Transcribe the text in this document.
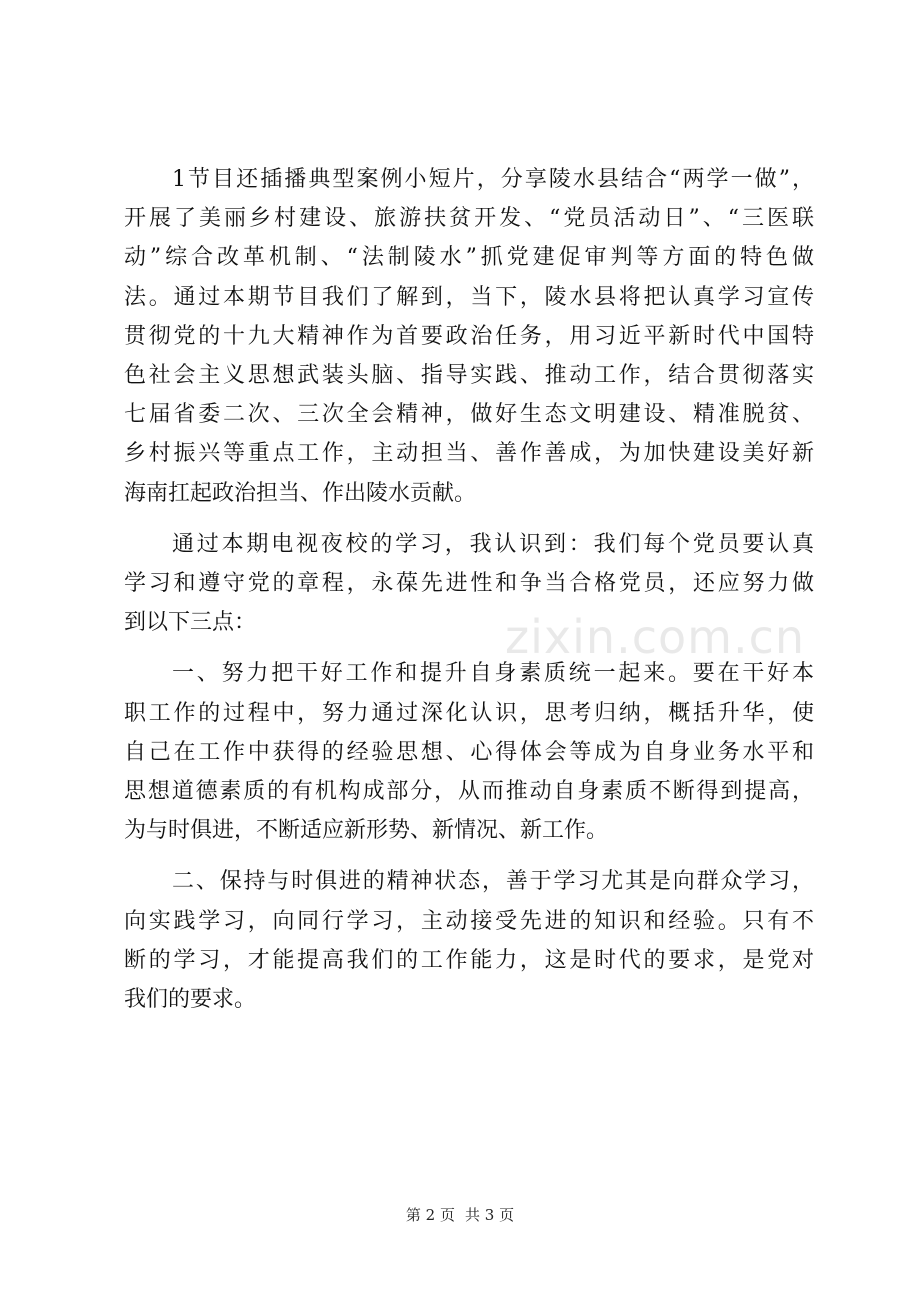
1节目还插播典型案例小短片，分享陵水县结合“两学一做”，
开展了美丽乡村建设、旅游扶贫开发、“党员活动日”、“三医联
动”综合改革机制、“法制陵水”抓党建促审判等方面的特色做
法。通过本期节目我们了解到，当下，陵水县将把认真学习宣传
贯彻党的十九大精神作为首要政治任务，用习近平新时代中国特
色社会主义思想武装头脑、指导实践、推动工作，结合贯彻落实
七届省委二次、三次全会精神，做好生态文明建设、精准脱贫、
乡村振兴等重点工作，主动担当、善作善成，为加快建设美好新
海南扛起政治担当、作出陵水贡献。

通过本期电视夜校的学习，我认识到：我们每个党员要认真
学习和遵守党的章程，永葆先进性和争当合格党员，还应努力做
到以下三点：

一、努力把干好工作和提升自身素质统一起来。要在干好本
职工作的过程中，努力通过深化认识，思考归纳，概括升华，使
自己在工作中获得的经验思想、心得体会等成为自身业务水平和
思想道德素质的有机构成部分，从而推动自身素质不断得到提高，
为与时俱进，不断适应新形势、新情况、新工作。

二、保持与时俱进的精神状态，善于学习尤其是向群众学习，
向实践学习，向同行学习，主动接受先进的知识和经验。只有不
断的学习，才能提高我们的工作能力，这是时代的要求，是党对
我们的要求。

zixin.com.cn
第 2 页 共 3 页
